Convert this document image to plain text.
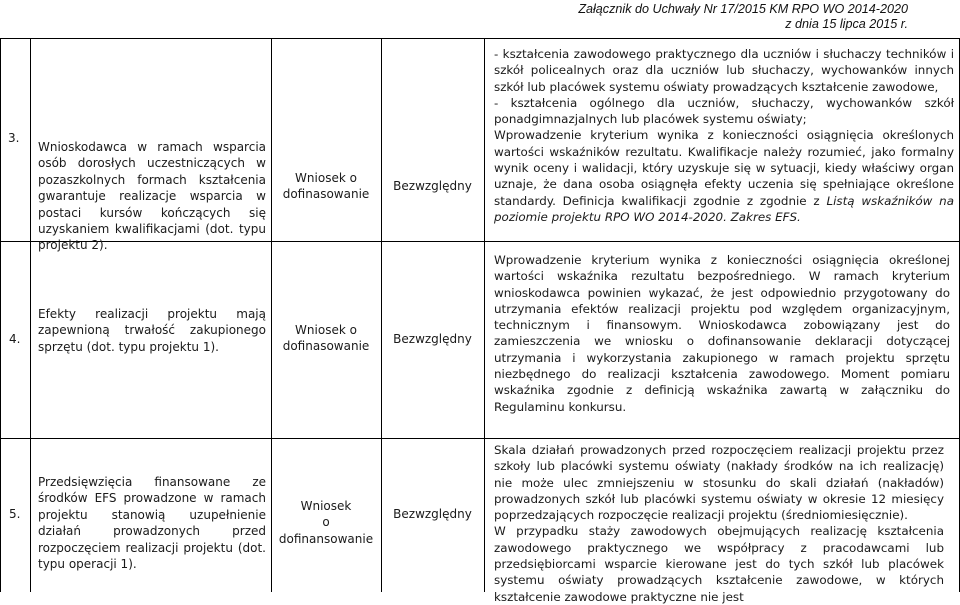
Załącznik do Uchwały Nr 17/2015 KM RPO WO 2014-2020
z dnia 15 lipca 2015 r.
3.
Wnioskodawca w ramach wsparcia osób dorosłych uczestniczących w pozaszkolnych formach kształcenia gwarantuje realizacje wsparcia w postaci kursów kończących się uzyskaniem kwalifikacjami (dot. typu projektu 2).
Wniosek o dofinasowanie
Bezwzględny

- kształcenia zawodowego praktycznego dla uczniów i słuchaczy techników i szkół policealnych oraz dla uczniów lub słuchaczy, wychowanków innych szkół lub placówek systemu oświaty prowadzących kształcenie zawodowe,

- kształcenia ogólnego dla uczniów, słuchaczy, wychowanków szkół ponadgimnazjalnych lub placówek systemu oświaty;

Wprowadzenie kryterium wynika z konieczności osiągnięcia określonych wartości wskaźników rezultatu. Kwalifikacje należy rozumieć, jako formalny wynik oceny i walidacji, który uzyskuje się w sytuacji, kiedy właściwy organ uznaje, że dana osoba osiągnęła efekty uczenia się spełniające określone standardy. Definicja kwalifikacji zgodnie z zgodnie z Listą wskaźników na poziomie projektu RPO WO 2014-2020. Zakres EFS.

4.
Efekty realizacji projektu mają zapewnioną trwałość zakupionego sprzętu (dot. typu projektu 1).
Wniosek o dofinasowanie
Bezwzględny
Wprowadzenie kryterium wynika z konieczności osiągnięcia określonej wartości wskaźnika rezultatu bezpośredniego. W ramach kryterium wnioskodawca powinien wykazać, że jest odpowiednio przygotowany do utrzymania efektów realizacji projektu pod względem organizacyjnym, technicznym i finansowym. Wnioskodawca zobowiązany jest do zamieszczenia we wniosku o dofinansowanie deklaracji dotyczącej utrzymania i wykorzystania zakupionego w ramach projektu sprzętu niezbędnego do realizacji kształcenia zawodowego. Moment pomiaru wskaźnika zgodnie z definicją wskaźnika zawartą w załączniku do Regulaminu konkursu.
5.
Przedsięwzięcia finansowane ze środków EFS prowadzone w ramach projektu stanowią uzupełnienie działań prowadzonych przed rozpoczęciem realizacji projektu (dot. typu operacji 1).
Wniosek
o dofinansowanie
Bezwzględny

Skala działań prowadzonych przed rozpoczęciem realizacji projektu przez szkoły lub placówki systemu oświaty (nakłady środków na ich realizację) nie może ulec zmniejszeniu w stosunku do skali działań (nakładów) prowadzonych szkół lub placówki systemu oświaty w okresie 12 miesięcy poprzedzających rozpoczęcie realizacji projektu (średniomiesięcznie).

W przypadku staży zawodowych obejmujących realizację kształcenia zawodowego praktycznego we współpracy z pracodawcami lub przedsiębiorcami wsparcie kierowane jest do tych szkół lub placówek systemu oświaty prowadzących kształcenie zawodowe, w których kształcenie zawodowe praktyczne nie jest
